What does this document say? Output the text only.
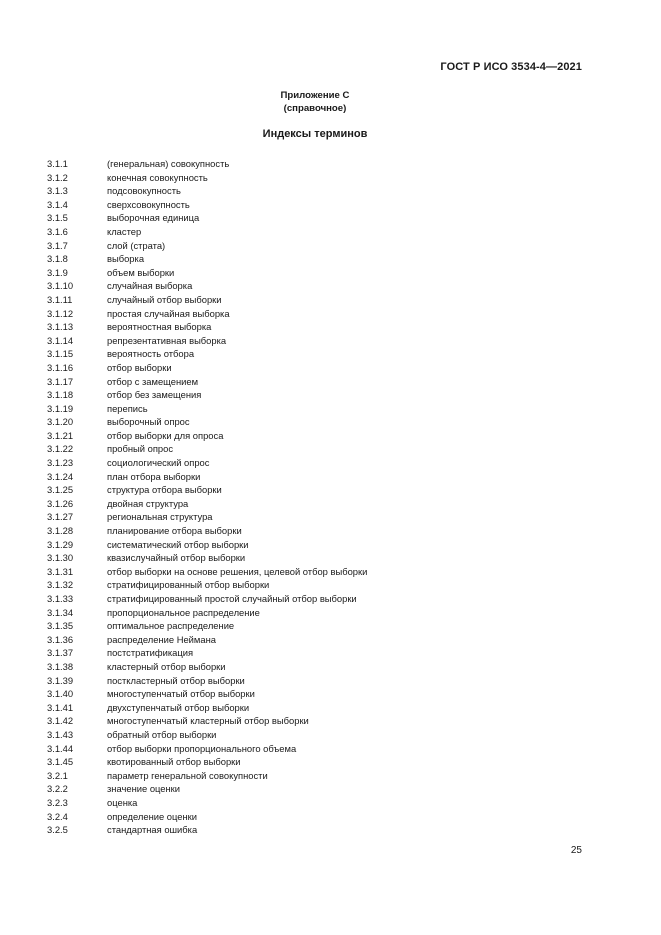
ГОСТ Р ИСО 3534-4—2021
Приложение С
(справочное)
Индексы терминов
3.1.1	(генеральная) совокупность
3.1.2	конечная совокупность
3.1.3	подсовокупность
3.1.4	сверхсовокупность
3.1.5	выборочная единица
3.1.6	кластер
3.1.7	слой (страта)
3.1.8	выборка
3.1.9	объем выборки
3.1.10	случайная выборка
3.1.11	случайный отбор выборки
3.1.12	простая случайная выборка
3.1.13	вероятностная выборка
3.1.14	репрезентативная выборка
3.1.15	вероятность отбора
3.1.16	отбор выборки
3.1.17	отбор с замещением
3.1.18	отбор без замещения
3.1.19	перепись
3.1.20	выборочный опрос
3.1.21	отбор выборки для опроса
3.1.22	пробный опрос
3.1.23	социологический опрос
3.1.24	план отбора выборки
3.1.25	структура отбора выборки
3.1.26	двойная структура
3.1.27	региональная структура
3.1.28	планирование отбора выборки
3.1.29	систематический отбор выборки
3.1.30	квазислучайный отбор выборки
3.1.31	отбор выборки на основе решения, целевой отбор выборки
3.1.32	стратифицированный отбор выборки
3.1.33	стратифицированный простой случайный отбор выборки
3.1.34	пропорциональное распределение
3.1.35	оптимальное распределение
3.1.36	распределение Неймана
3.1.37	постстратификация
3.1.38	кластерный отбор выборки
3.1.39	посткластерный отбор выборки
3.1.40	многоступенчатый отбор выборки
3.1.41	двухступенчатый отбор выборки
3.1.42	многоступенчатый кластерный отбор выборки
3.1.43	обратный отбор выборки
3.1.44	отбор выборки пропорционального объема
3.1.45	квотированный отбор выборки
3.2.1	параметр генеральной совокупности
3.2.2	значение оценки
3.2.3	оценка
3.2.4	определение оценки
3.2.5	стандартная ошибка
25
